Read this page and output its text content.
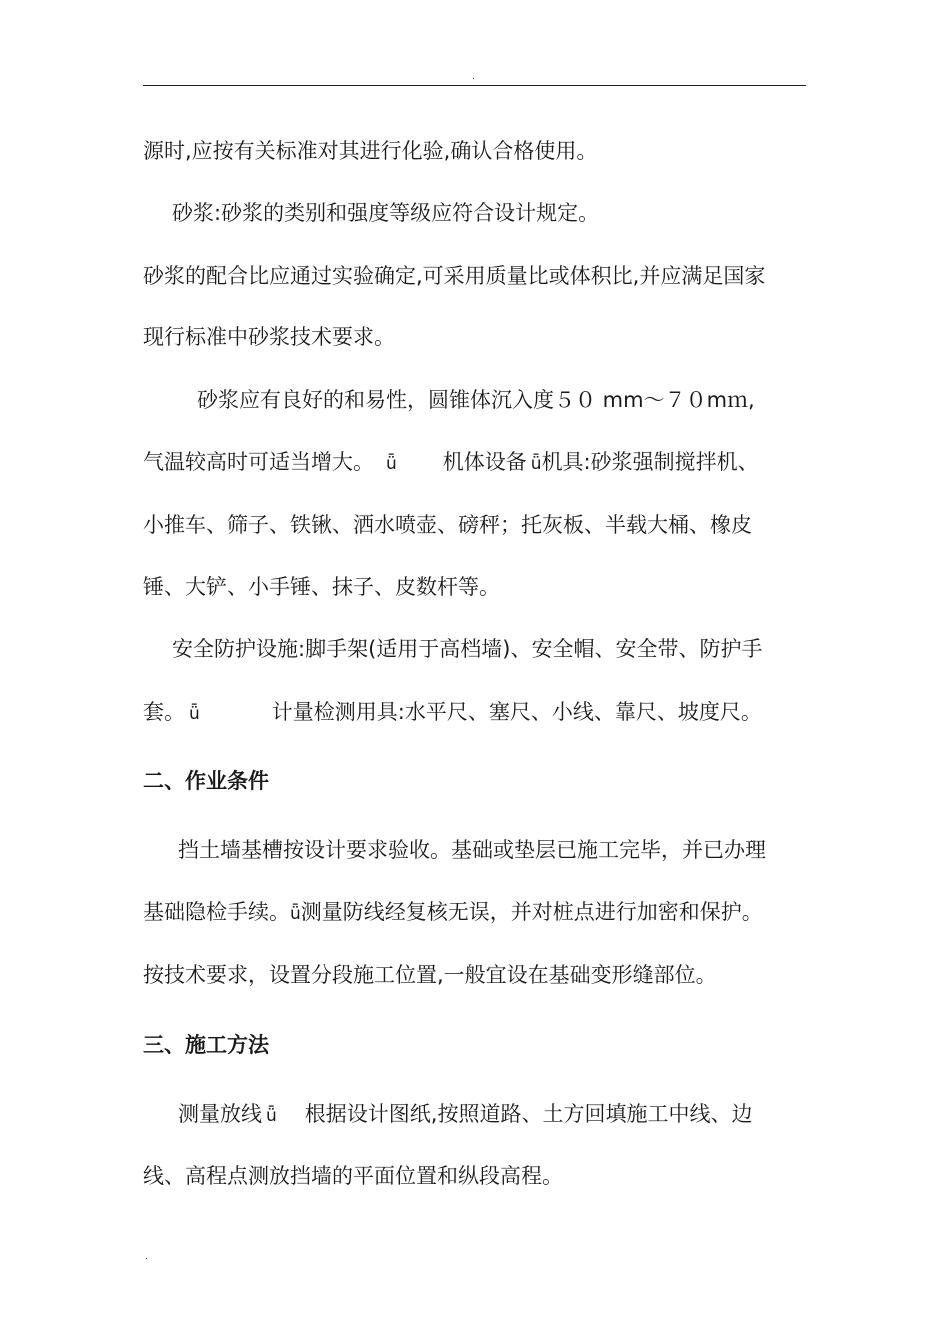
.
源时,应按有关标准对其进行化验,确认合格使用。
砂浆:砂浆的类别和强度等级应符合设计规定。
砂浆的配合比应通过实验确定,可采用质量比或体积比,并应满足国家
现行标准中砂浆技术要求。
砂浆应有良好的和易性，圆锥体沉入度５０ mm～７０mｍ,
气温较高时可适当增大。 ǖ 机体设备 ǖ机具:砂浆强制搅拌机、
小推车、筛子、铁锹、洒水喷壶、磅秤；托灰板、半载大桶、橡皮
锤、大铲、小手锤、抹子、皮数杆等。
安全防护设施:脚手架(适用于高档墙)、安全帽、安全带、防护手
套。 ǖ	计量检测用具:水平尺、塞尺、小线、靠尺、坡度尺。
二、作业条件
挡土墙基槽按设计要求验收。基础或垫层已施工完毕，并已办理
基础隐检手续。ǖ测量防线经复核无误，并对桩点进行加密和保护。
按技术要求，设置分段施工位置,一般宜设在基础变形缝部位。
三、施工方法
测量放线 ǖ 根据设计图纸,按照道路、土方回填施工中线、边
线、高程点测放挡墙的平面位置和纵段高程。
.
